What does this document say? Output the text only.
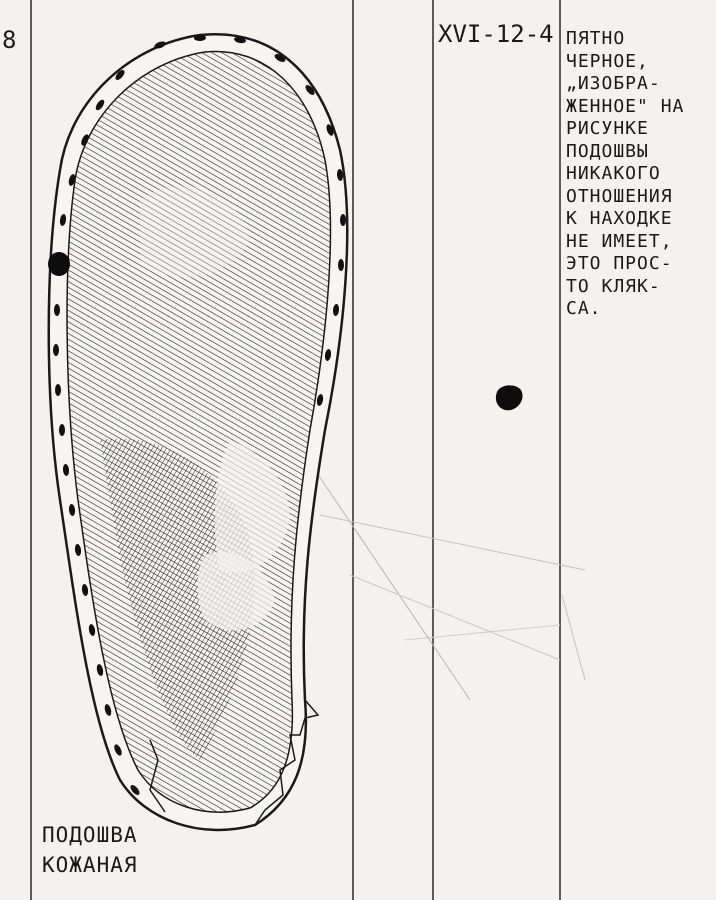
8	XVI-12-4 ПЯТНО
ЧЕРНОЕ,
„ИЗОБРА-
ЖЕННОЕ" НА
РИСУНКЕ
ПОДОШВЫ
НИКАКОГО
ОТНОШЕНИЯ
К НАХОДКЕ
НЕ ИМЕЕТ,
ЭТО ПРОС-
ТО КЛЯК-
СА.
ПОДОШВА
КОЖАНАЯ
